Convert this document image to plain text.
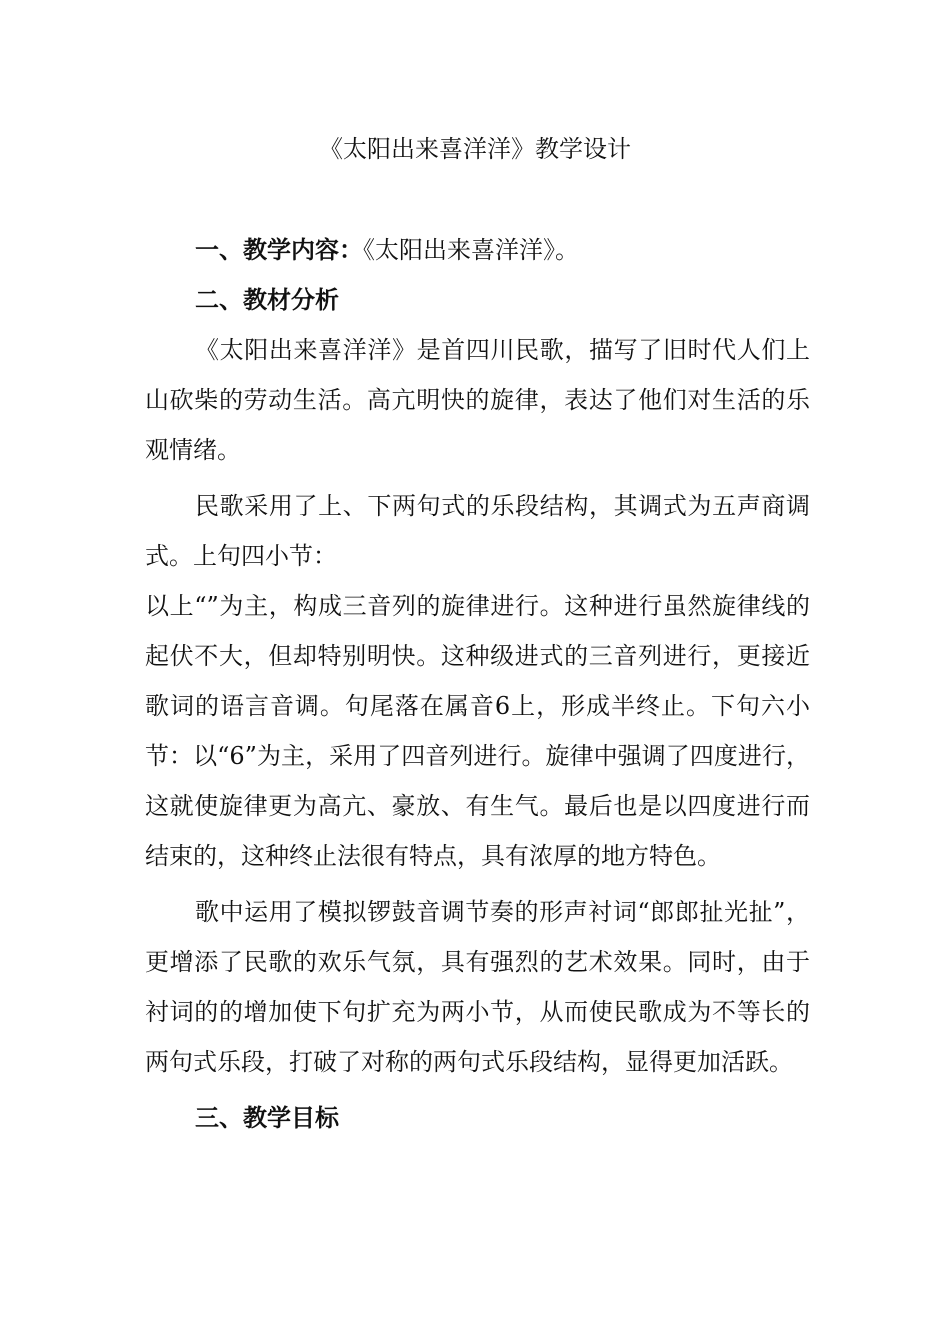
《太阳出来喜洋洋》教学设计

一、教学内容：《太阳出来喜洋洋》。

二、教材分析

《太阳出来喜洋洋》是首四川民歌，描写了旧时代人们上山砍柴的劳动生活。高亢明快的旋律，表达了他们对生活的乐观情绪。

民歌采用了上、下两句式的乐段结构，其调式为五声商调式。上句四小节：

以上“”为主，构成三音列的旋律进行。这种进行虽然旋律线的起伏不大，但却特别明快。这种级进式的三音列进行，更接近歌词的语言音调。句尾落在属音6上，形成半终止。下句六小节：以“6”为主，采用了四音列进行。旋律中强调了四度进行，这就使旋律更为高亢、豪放、有生气。最后也是以四度进行而结束的，这种终止法很有特点，具有浓厚的地方特色。

歌中运用了模拟锣鼓音调节奏的形声衬词“郎郎扯光扯”，更增添了民歌的欢乐气氛，具有强烈的艺术效果。同时，由于衬词的的增加使下句扩充为两小节，从而使民歌成为不等长的两句式乐段，打破了对称的两句式乐段结构，显得更加活跃。

三、教学目标
